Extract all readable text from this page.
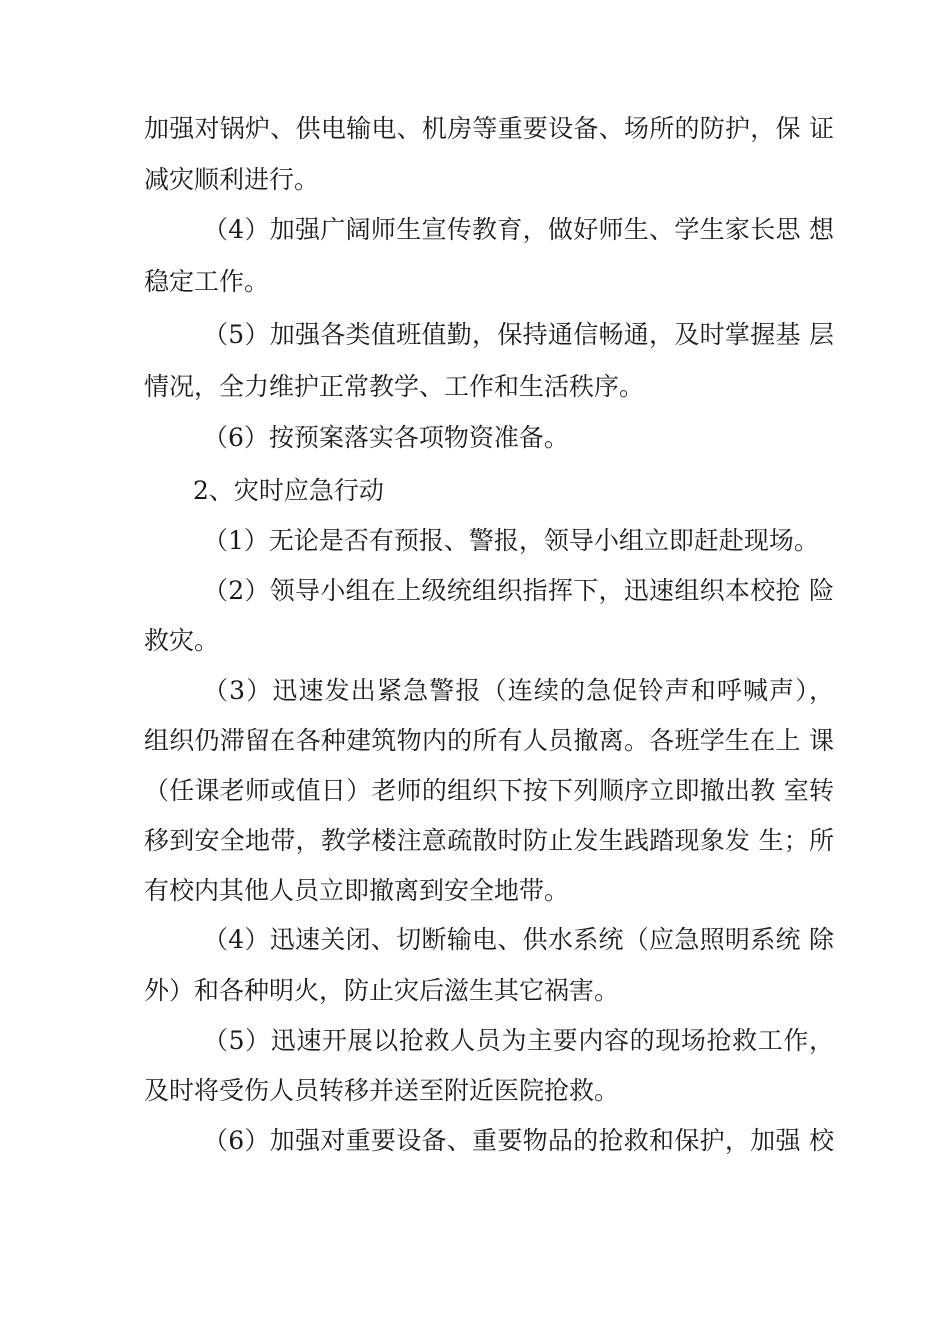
加强对锅炉、供电输电、机房等重要设备、场所的防护，保 证
减灾顺利进行。
（4）加强广阔师生宣传教育，做好师生、学生家长思 想
稳定工作。
（5）加强各类值班值勤，保持通信畅通，及时掌握基 层
情况，全力维护正常教学、工作和生活秩序。
（6）按预案落实各项物资准备。
2、灾时应急行动
（1）无论是否有预报、警报，领导小组立即赶赴现场。
（2）领导小组在上级统组织指挥下，迅速组织本校抢 险
救灾。
（3）迅速发出紧急警报（连续的急促铃声和呼喊声），
组织仍滞留在各种建筑物内的所有人员撤离。各班学生在上 课
（任课老师或值日）老师的组织下按下列顺序立即撤出教 室转
移到安全地带，教学楼注意疏散时防止发生践踏现象发 生；所
有校内其他人员立即撤离到安全地带。
（4）迅速关闭、切断输电、供水系统（应急照明系统 除
外）和各种明火，防止灾后滋生其它祸害。
（5）迅速开展以抢救人员为主要内容的现场抢救工作，
及时将受伤人员转移并送至附近医院抢救。
（6）加强对重要设备、重要物品的抢救和保护，加强 校
